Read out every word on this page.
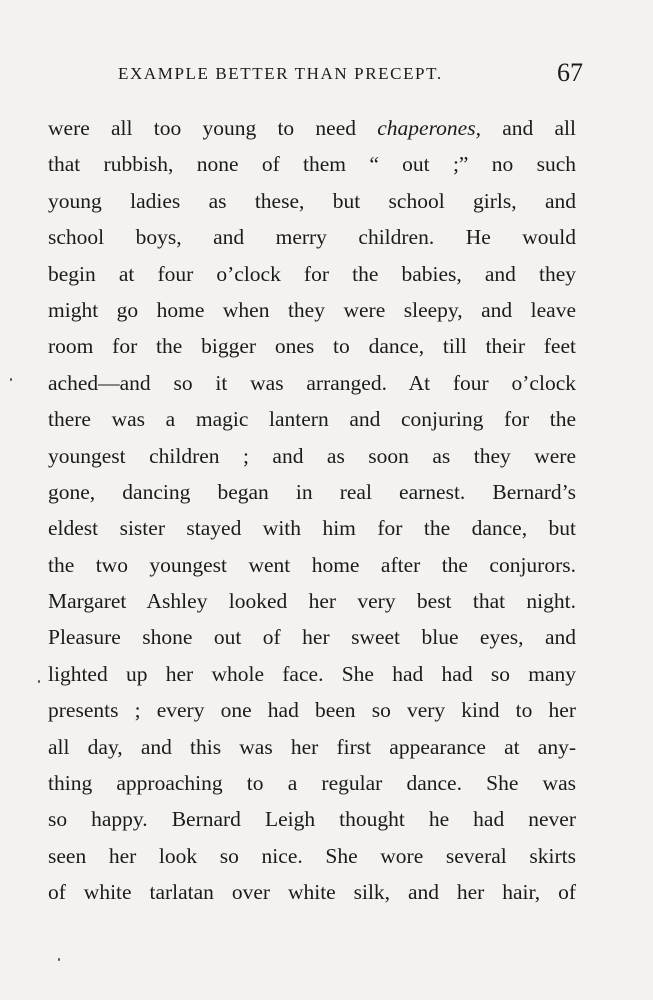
EXAMPLE BETTER THAN PRECEPT.	67
were all too young to need chaperones, and all
that rubbish, none of them “ out ;” no such
young ladies as these, but school girls, and
school boys, and merry children. He would
begin at four o’clock for the babies, and they
might go home when they were sleepy, and leave
room for the bigger ones to dance, till their feet
ached—and so it was arranged. At four o’clock
there was a magic lantern and conjuring for the
youngest children ; and as soon as they were
gone, dancing began in real earnest. Bernard’s
eldest sister stayed with him for the dance, but
the two youngest went home after the conjurors.
Margaret Ashley looked her very best that night.
Pleasure shone out of her sweet blue eyes, and
lighted up her whole face. She had had so many
presents ; every one had been so very kind to her
all day, and this was her first appearance at any-
thing approaching to a regular dance. She was
so happy. Bernard Leigh thought he had never
seen her look so nice. She wore several skirts
of white tarlatan over white silk, and her hair, of
